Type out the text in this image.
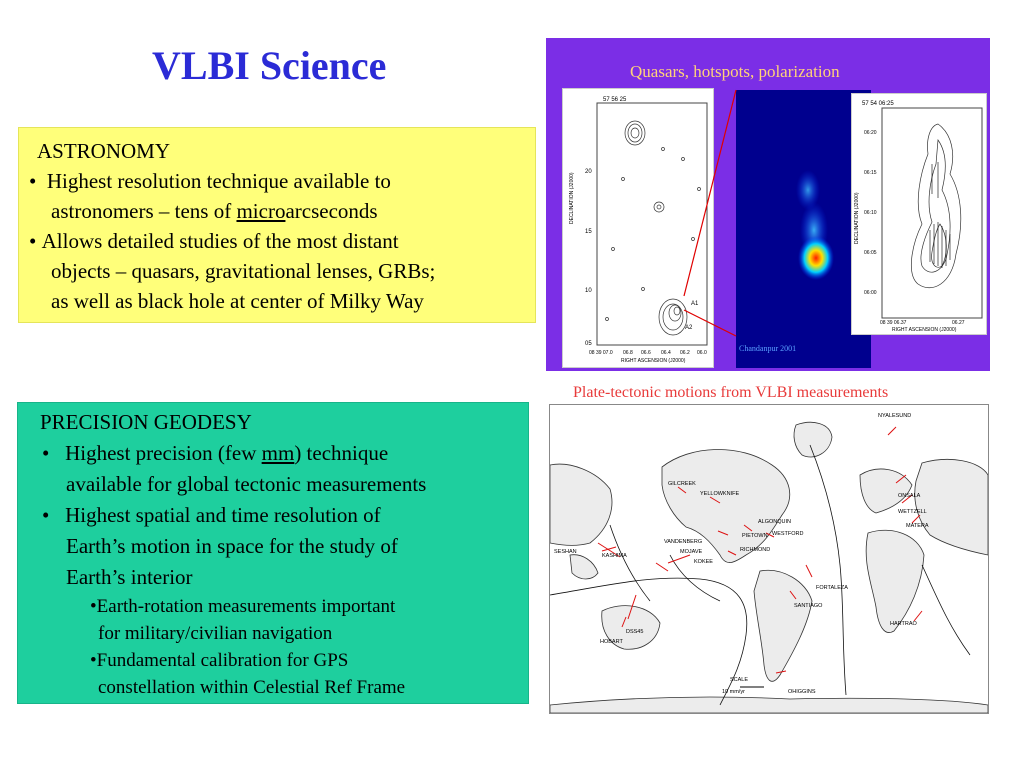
VLBI Science
ASTRONOMY
•  Highest resolution technique available to
astronomers – tens of microarcseconds
• Allows detailed studies of the most distant
objects – quasars, gravitational lenses, GRBs;
as well as black hole at center of Milky Way
PRECISION GEODESY
•   Highest precision (few mm) technique
available for global tectonic measurements
•   Highest spatial and time resolution of
Earth’s motion in space for the study of
Earth’s interior
•Earth-rotation measurements important
for military/civilian navigation
•Fundamental calibration for GPS
constellation within Celestial Ref Frame
Quasars, hotspots, polarization
57 56 25
DECLINATION (J2000)
20
15
10
05
08 39 07.0 06.8 06.6 06.4 06.2 06.0
RIGHT ASCENSION (J2000)
A1
A2
Chandanpur 2001
57 54 06:25
06:20
06:15
06:10
06:05
06:00
DECLINATION (J2000)
08 39 06.37	06.27
RIGHT ASCENSION (J2000)
Plate-tectonic motions from VLBI measurements
NYALESUND
OHIGGINS
ONSALA
WETTZELL
MATERA
HARTRAO
FORTALEZA
SANTIAGO
KOKEE
HOBART
YELLOWKNIFE
GILCREEK
ALGONQUIN
WESTFORD
PIETOWN
RICHMOND
VANDENBERG
MOJAVE
SESHAN
KASHIMA
DSS45
SCALE
10 mm/yr
